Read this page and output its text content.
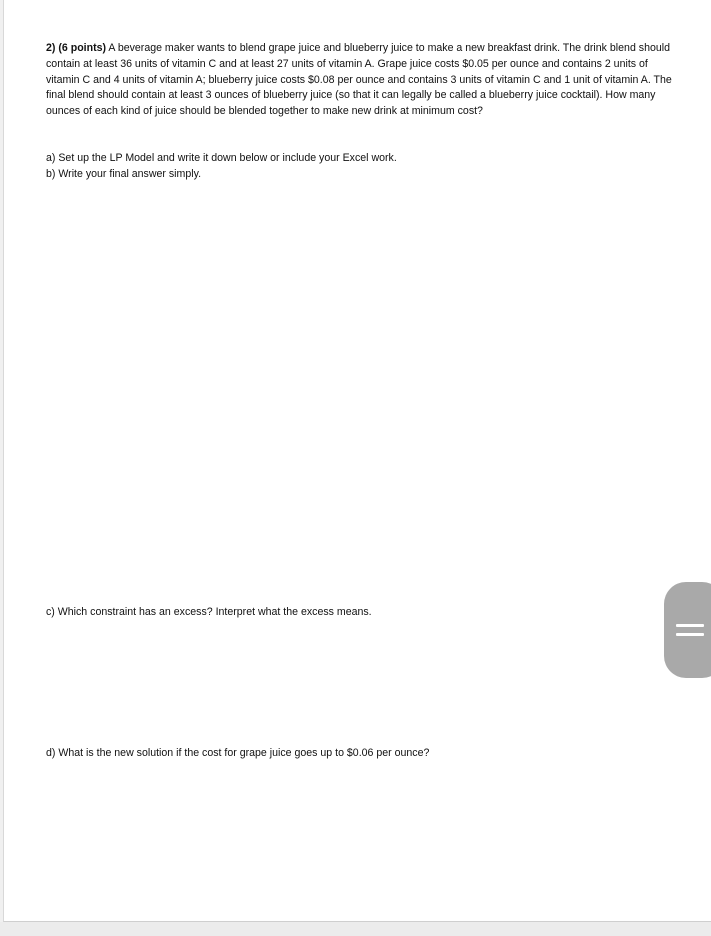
2) (6 points) A beverage maker wants to blend grape juice and blueberry juice to make a new breakfast drink. The drink blend should contain at least 36 units of vitamin C and at least 27 units of vitamin A. Grape juice costs $0.05 per ounce and contains 2 units of vitamin C and 4 units of vitamin A; blueberry juice costs $0.08 per ounce and contains 3 units of vitamin C and 1 unit of vitamin A. The final blend should contain at least 3 ounces of blueberry juice (so that it can legally be called a blueberry juice cocktail). How many ounces of each kind of juice should be blended together to make new drink at minimum cost?
a) Set up the LP Model and write it down below or include your Excel work.
b) Write your final answer simply.
c) Which constraint has an excess? Interpret what the excess means.
d) What is the new solution if the cost for grape juice goes up to $0.06 per ounce?
